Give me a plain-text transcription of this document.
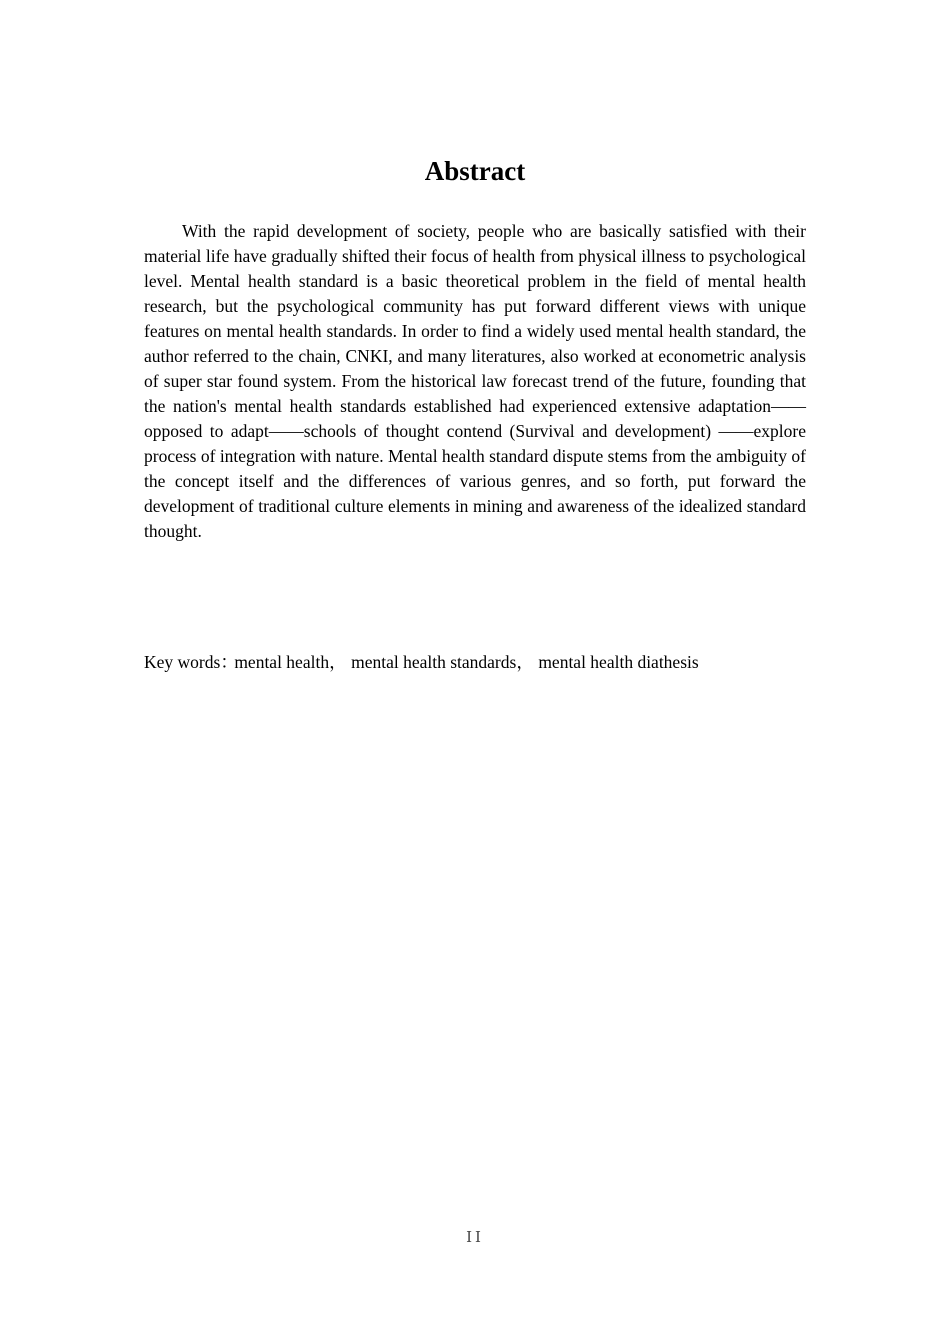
Abstract

With the rapid development of society, people who are basically satisfied with their material life have gradually shifted their focus of health from physical illness to psychological level. Mental health standard is a basic theoretical problem in the field of mental health research, but the psychological community has put forward different views with unique features on mental health standards. In order to find a widely used mental health standard, the author referred to the chain, CNKI, and many literatures, also worked at econometric analysis of super star found system. From the historical law forecast trend of the future, founding that the nation's mental health standards established had experienced extensive adaptation——opposed to adapt——schools of thought contend (Survival and development) ——explore process of integration with nature. Mental health standard dispute stems from the ambiguity of the concept itself and the differences of various genres, and so forth, put forward the development of traditional culture elements in mining and awareness of the idealized standard thought.

Key words：mental health， mental health standards， mental health diathesis

II
